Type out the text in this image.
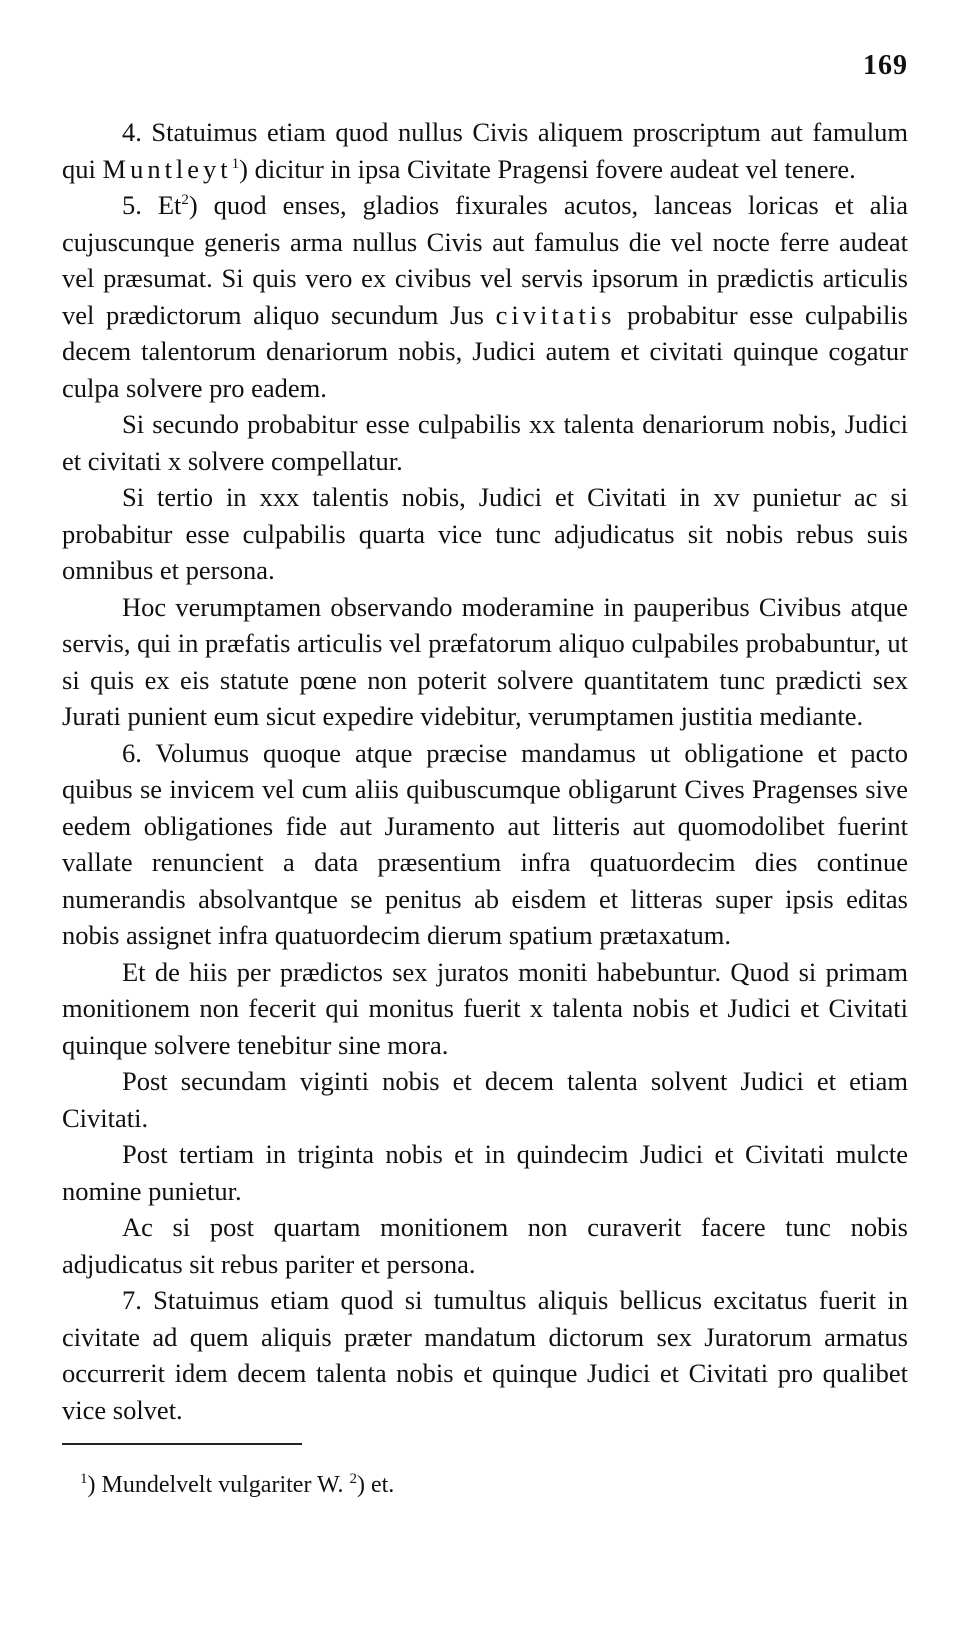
169

4. Statuimus etiam quod nullus Civis aliquem proscriptum aut famulum qui Muntleyt$^1$) dicitur in ipsa Civitate Pragensi fovere audeat vel tenere.

5. Et$^2$) quod enses, gladios fixurales acutos, lanceas loricas et alia cujuscunque generis arma nullus Civis aut famulus die vel nocte ferre audeat vel præsumat. Si quis vero ex civibus vel servis ipsorum in prædictis articulis vel prædictorum aliquo secundum Jus civitatis probabitur esse culpabilis decem talentorum denariorum nobis, Judici autem et civitati quinque cogatur culpa solvere pro eadem.

Si secundo probabitur esse culpabilis xx talenta denariorum nobis, Judici et civitati x solvere compellatur.

Si tertio in xxx talentis nobis, Judici et Civitati in xv punietur ac si probabitur esse culpabilis quarta vice tunc adjudicatus sit nobis rebus suis omnibus et persona.

Hoc verumptamen observando moderamine in pauperibus Civibus atque servis, qui in præfatis articulis vel præfatorum aliquo culpabiles probabuntur, ut si quis ex eis statute pœne non poterit solvere quantitatem tunc prædicti sex Jurati punient eum sicut expedire videbitur, verumptamen justitia mediante.

6. Volumus quoque atque præcise mandamus ut obligatione et pacto quibus se invicem vel cum aliis quibuscumque obligarunt Cives Pragenses sive eedem obligationes fide aut Juramento aut litteris aut quomodolibet fuerint vallate renuncient a data præsentium infra quatuordecim dies continue numerandis absolvantque se penitus ab eisdem et litteras super ipsis editas nobis assignet infra quatuordecim dierum spatium prætaxatum.

Et de hiis per prædictos sex juratos moniti habebuntur. Quod si primam monitionem non fecerit qui monitus fuerit x talenta nobis et Judici et Civitati quinque solvere tenebitur sine mora.

Post secundam viginti nobis et decem talenta solvent Judici et etiam Civitati.

Post tertiam in triginta nobis et in quindecim Judici et Civitati mulcte nomine punietur.

Ac si post quartam monitionem non curaverit facere tunc nobis adjudicatus sit rebus pariter et persona.

7. Statuimus etiam quod si tumultus aliquis bellicus excitatus fuerit in civitate ad quem aliquis præter mandatum dictorum sex Juratorum armatus occurrerit idem decem talenta nobis et quinque Judici et Civitati pro qualibet vice solvet.

$^1$) Mundelvelt vulgariter W. $^2$) et.
